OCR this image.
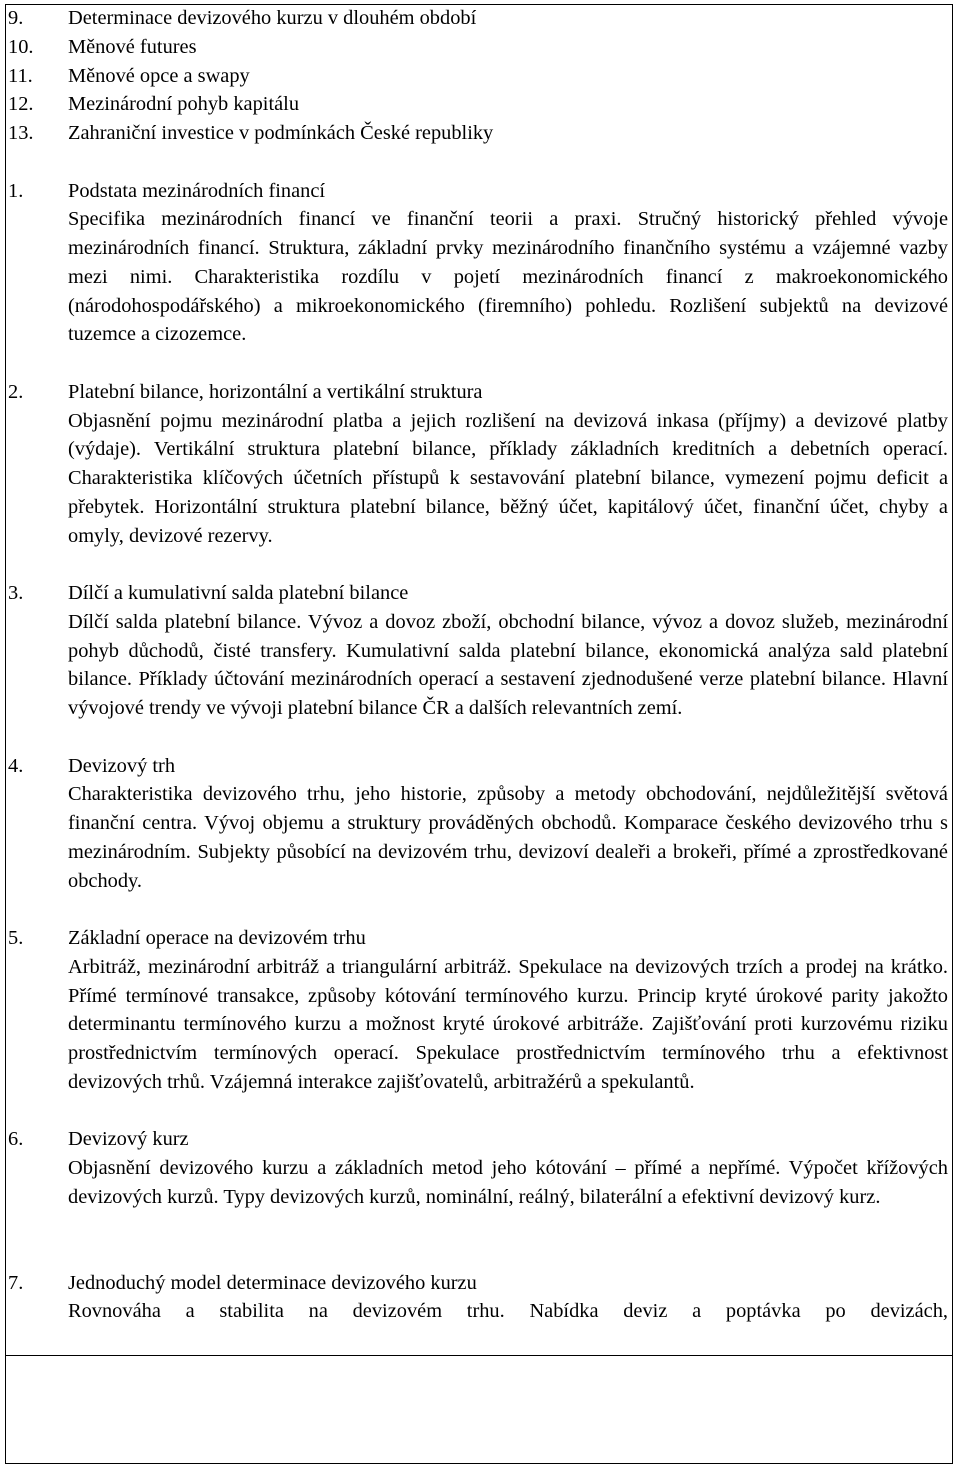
9.	Determinace devizového kurzu v dlouhém období
10.	Měnové futures
11.	Měnové opce a swapy
12.	Mezinárodní pohyb kapitálu
13.	Zahraniční investice v podmínkách České republiky
1.	Podstata mezinárodních financí

Specifika mezinárodních financí ve finanční teorii a praxi. Stručný historický přehled vývoje mezinárodních financí. Struktura, základní prvky mezinárodního finančního systému a vzájemné vazby mezi nimi. Charakteristika rozdílu v pojetí mezinárodních financí z makroekonomického (národohospodářského) a mikroekonomického (firemního) pohledu. Rozlišení subjektů na devizové tuzemce a cizozemce.

2.	Platební bilance, horizontální a vertikální struktura

Objasnění pojmu mezinárodní platba a jejich rozlišení na devizová inkasa (příjmy) a devizové platby (výdaje). Vertikální struktura platební bilance, příklady základních kreditních a debetních operací. Charakteristika klíčových účetních přístupů k sestavování platební bilance, vymezení pojmu deficit a přebytek. Horizontální struktura platební bilance, běžný účet, kapitálový účet, finanční účet, chyby a omyly, devizové rezervy.

3.	Dílčí a kumulativní salda platební bilance

Dílčí salda platební bilance. Vývoz a dovoz zboží, obchodní bilance, vývoz a dovoz služeb, mezinárodní pohyb důchodů, čisté transfery. Kumulativní salda platební bilance, ekonomická analýza sald platební bilance. Příklady účtování mezinárodních operací a sestavení zjednodušené verze platební bilance. Hlavní vývojové trendy ve vývoji platební bilance ČR a dalších relevantních zemí.

4.	Devizový trh

Charakteristika devizového trhu, jeho historie, způsoby a metody obchodování, nejdůležitější světová finanční centra. Vývoj objemu a struktury prováděných obchodů. Komparace českého devizového trhu s mezinárodním. Subjekty působící na devizovém trhu, devizoví dealeři a brokeři, přímé a zprostředkované obchody.

5.	Základní operace na devizovém trhu

Arbitráž, mezinárodní arbitráž a triangulární arbitráž. Spekulace na devizových trzích a prodej na krátko. Přímé termínové transakce, způsoby kótování termínového kurzu. Princip kryté úrokové parity jakožto determinantu termínového kurzu a možnost kryté úrokové arbitráže. Zajišťování proti kurzovému riziku prostřednictvím termínových operací. Spekulace prostřednictvím termínového trhu a efektivnost devizových trhů. Vzájemná interakce zajišťovatelů, arbitražérů a spekulantů.

6.	Devizový kurz

Objasnění devizového kurzu a základních metod jeho kótování – přímé a nepřímé. Výpočet křížových devizových kurzů. Typy devizových kurzů, nominální, reálný, bilaterální a efektivní devizový kurz.

7.	Jednoduchý model determinace devizového kurzu

Rovnováha a stabilita na devizovém trhu. Nabídka deviz a poptávka po devizách,
